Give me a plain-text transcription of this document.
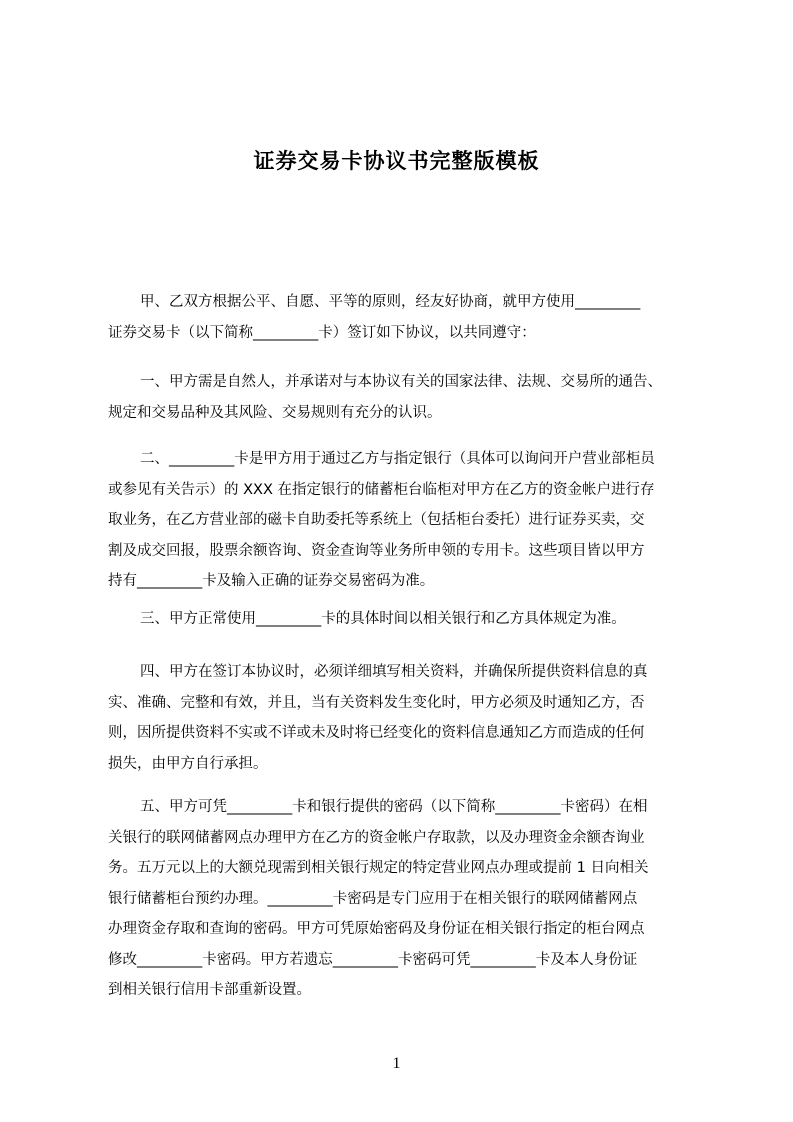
证券交易卡协议书完整版模板
甲、乙双方根据公平、自愿、平等的原则，经友好协商，就甲方使用_________
证券交易卡（以下简称_________卡）签订如下协议，以共同遵守：
一、甲方需是自然人，并承诺对与本协议有关的国家法律、法规、交易所的通告、
规定和交易品种及其风险、交易规则有充分的认识。
二、_________卡是甲方用于通过乙方与指定银行（具体可以询问开户营业部柜员
或参见有关告示）的 XXX 在指定银行的储蓄柜台临柜对甲方在乙方的资金帐户进行存
取业务，在乙方营业部的磁卡自助委托等系统上（包括柜台委托）进行证券买卖，交
割及成交回报，股票余额咨询、资金查询等业务所申领的专用卡。这些项目皆以甲方
持有_________卡及输入正确的证券交易密码为准。
三、甲方正常使用_________卡的具体时间以相关银行和乙方具体规定为准。
四、甲方在签订本协议时，必须详细填写相关资料，并确保所提供资料信息的真
实、准确、完整和有效，并且，当有关资料发生变化时，甲方必须及时通知乙方，否
则，因所提供资料不实或不详或未及时将已经变化的资料信息通知乙方而造成的任何
损失，由甲方自行承担。
五、甲方可凭_________卡和银行提供的密码（以下简称_________卡密码）在相
关银行的联网储蓄网点办理甲方在乙方的资金帐户存取款，以及办理资金余额杏询业
务。五万元以上的大额兑现需到相关银行规定的特定营业网点办理或提前 1 日向相关
银行储蓄柜台预约办理。_________卡密码是专门应用于在相关银行的联网储蓄网点
办理资金存取和查询的密码。甲方可凭原始密码及身份证在相关银行指定的柜台网点
修改_________卡密码。甲方若遗忘_________卡密码可凭_________卡及本人身份证
到相关银行信用卡部重新设置。
1
